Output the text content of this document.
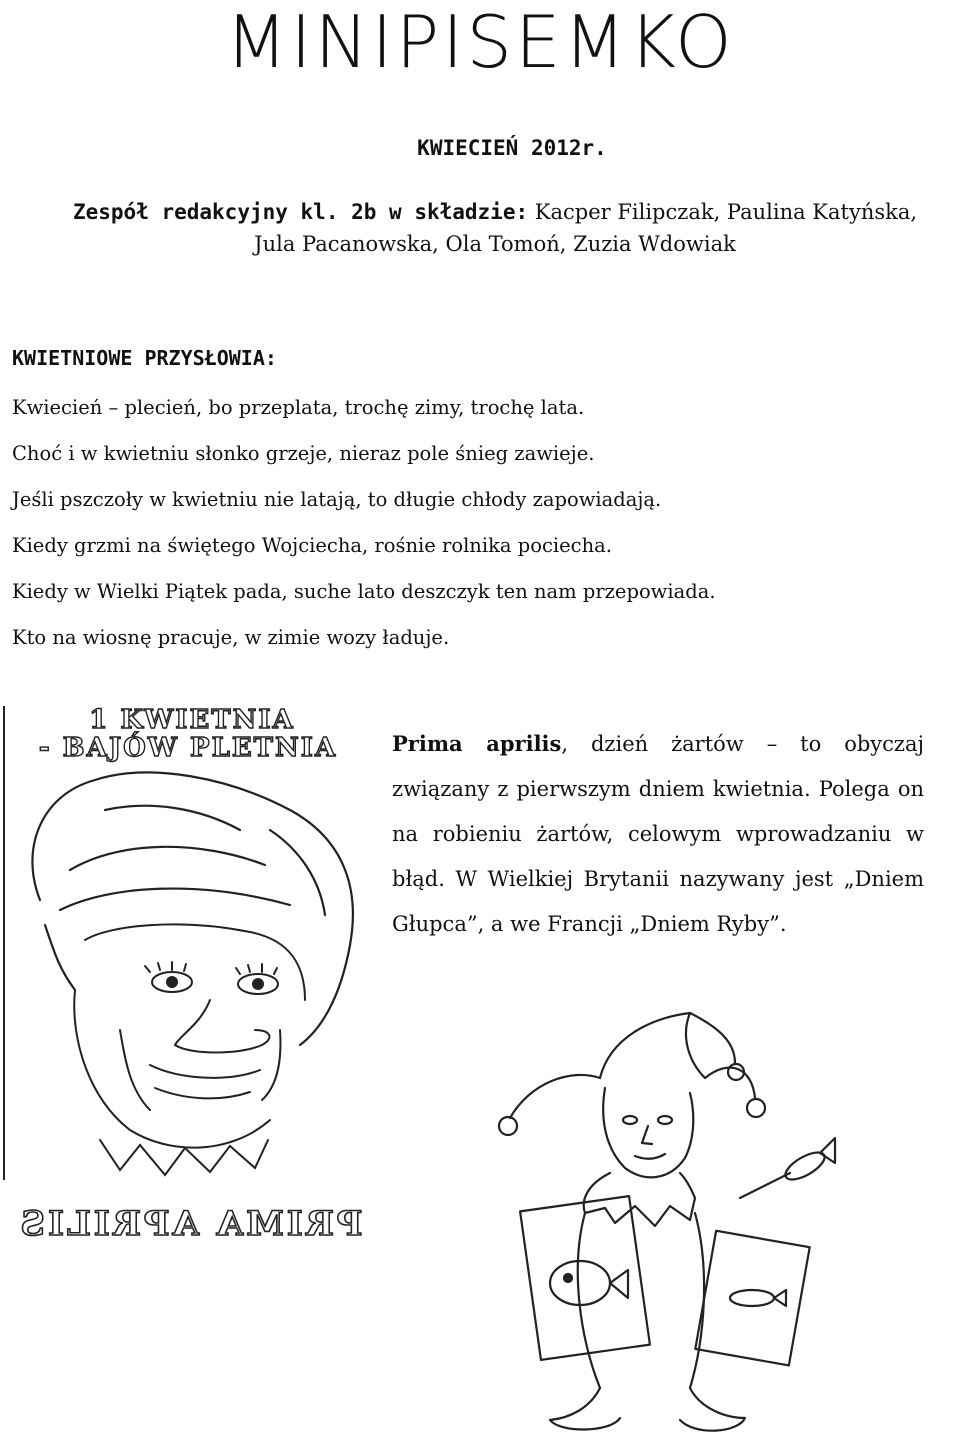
MINIPISEMKO
KWIECIEŃ 2012r.
Zespół redakcyjny kl. 2b w składzie: Kacper Filipczak, Paulina Katyńska,
Jula Pacanowska, Ola Tomoń, Zuzia Wdowiak
KWIETNIOWE PRZYSŁOWIA:
Kwiecień – plecień, bo przeplata, trochę zimy, trochę lata.
Choć i w kwietniu słonko grzeje, nieraz pole śnieg zawieje.
Jeśli pszczoły w kwietniu nie latają, to długie chłody zapowiadają.
Kiedy grzmi na świętego Wojciecha, rośnie rolnika pociecha.
Kiedy w Wielki Piątek pada, suche lato deszczyk ten nam przepowiada.
Kto na wiosnę pracuje, w zimie wozy ładuje.
1 KWIETNIA
- BAJÓW PLETNIA
PRIMA APRILIS
Prima aprilis, dzień żartów – to obyczaj związany z pierwszym dniem kwietnia. Polega on na robieniu żartów, celowym wprowadzaniu w błąd. W Wielkiej Brytanii nazywany jest „Dniem Głupca”, a we Francji „Dniem Ryby”.
